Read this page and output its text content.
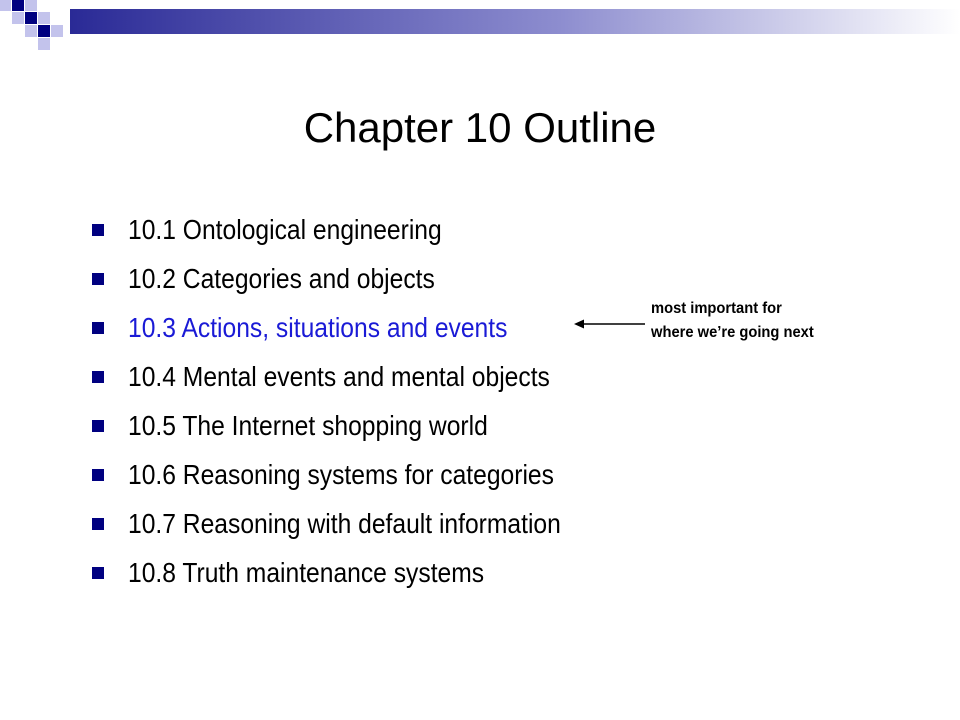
Chapter 10 Outline
10.1 Ontological engineering
10.2 Categories and objects
10.3 Actions, situations and events
10.4 Mental events and mental objects
10.5 The Internet shopping world
10.6 Reasoning systems for categories
10.7 Reasoning with default information
10.8 Truth maintenance systems
most important for
where we’re going next
